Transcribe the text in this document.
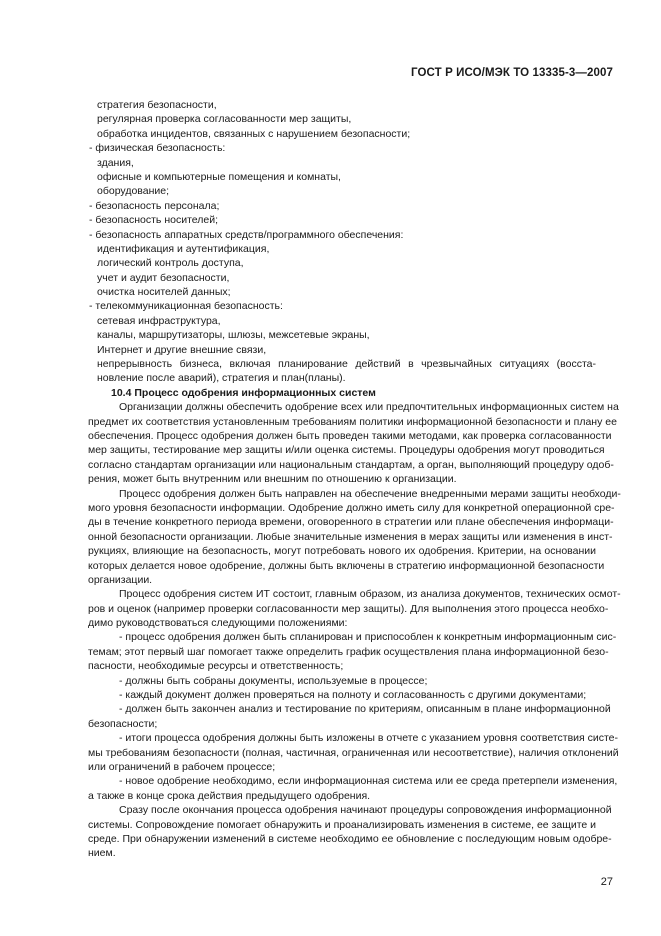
ГОСТ Р ИСО/МЭК ТО 13335-3—2007
стратегия безопасности,
регулярная проверка согласованности мер защиты,
обработка инцидентов, связанных с нарушением безопасности;
- физическая безопасность:
здания,
офисные и компьютерные помещения и комнаты,
оборудование;
- безопасность персонала;
- безопасность носителей;
- безопасность аппаратных средств/программного обеспечения:
идентификация и аутентификация,
логический контроль доступа,
учет и аудит безопасности,
очистка носителей данных;
- телекоммуникационная безопасность:
сетевая инфраструктура,
каналы, маршрутизаторы, шлюзы, межсетевые экраны,
Интернет и другие внешние связи,
непрерывность бизнеса, включая планирование действий в чрезвычайных ситуациях (восста-
новление после аварий), стратегия и план(планы).
10.4 Процесс одобрения информационных систем
Организации должны обеспечить одобрение всех или предпочтительных информационных систем на
предмет их соответствия установленным требованиям политики информационной безопасности и плану ее
обеспечения. Процесс одобрения должен быть проведен такими методами, как проверка согласованности
мер защиты, тестирование мер защиты и/или оценка системы. Процедуры одобрения могут проводиться
согласно стандартам организации или национальным стандартам, а орган, выполняющий процедуру одоб-
рения, может быть внутренним или внешним по отношению к организации.
Процесс одобрения должен быть направлен на обеспечение внедренными мерами защиты необходи-
мого уровня безопасности информации. Одобрение должно иметь силу для конкретной операционной сре-
ды в течение конкретного периода времени, оговоренного в стратегии или плане обеспечения информаци-
онной безопасности организации. Любые значительные изменения в мерах защиты или изменения в инст-
рукциях, влияющие на безопасность, могут потребовать нового их одобрения. Критерии, на основании
которых делается новое одобрение, должны быть включены в стратегию информационной безопасности
организации.
Процесс одобрения систем ИТ состоит, главным образом, из анализа документов, технических осмот-
ров и оценок (например проверки согласованности мер защиты). Для выполнения этого процесса необхо-
димо руководствоваться следующими положениями:
- процесс одобрения должен быть спланирован и приспособлен к конкретным информационным сис-
темам; этот первый шаг помогает также определить график осуществления плана информационной безо-
пасности, необходимые ресурсы и ответственность;
- должны быть собраны документы, используемые в процессе;
- каждый документ должен проверяться на полноту и согласованность с другими документами;
- должен быть закончен анализ и тестирование по критериям, описанным в плане информационной
безопасности;
- итоги процесса одобрения должны быть изложены в отчете с указанием уровня соответствия систе-
мы требованиям безопасности (полная, частичная, ограниченная или несоответствие), наличия отклонений
или ограничений в рабочем процессе;
- новое одобрение необходимо, если информационная система или ее среда претерпели изменения,
а также в конце срока действия предыдущего одобрения.
Сразу после окончания процесса одобрения начинают процедуры сопровождения информационной
системы. Сопровождение помогает обнаружить и проанализировать изменения в системе, ее защите и
среде. При обнаружении изменений в системе необходимо ее обновление с последующим новым одобре-
нием.
27
